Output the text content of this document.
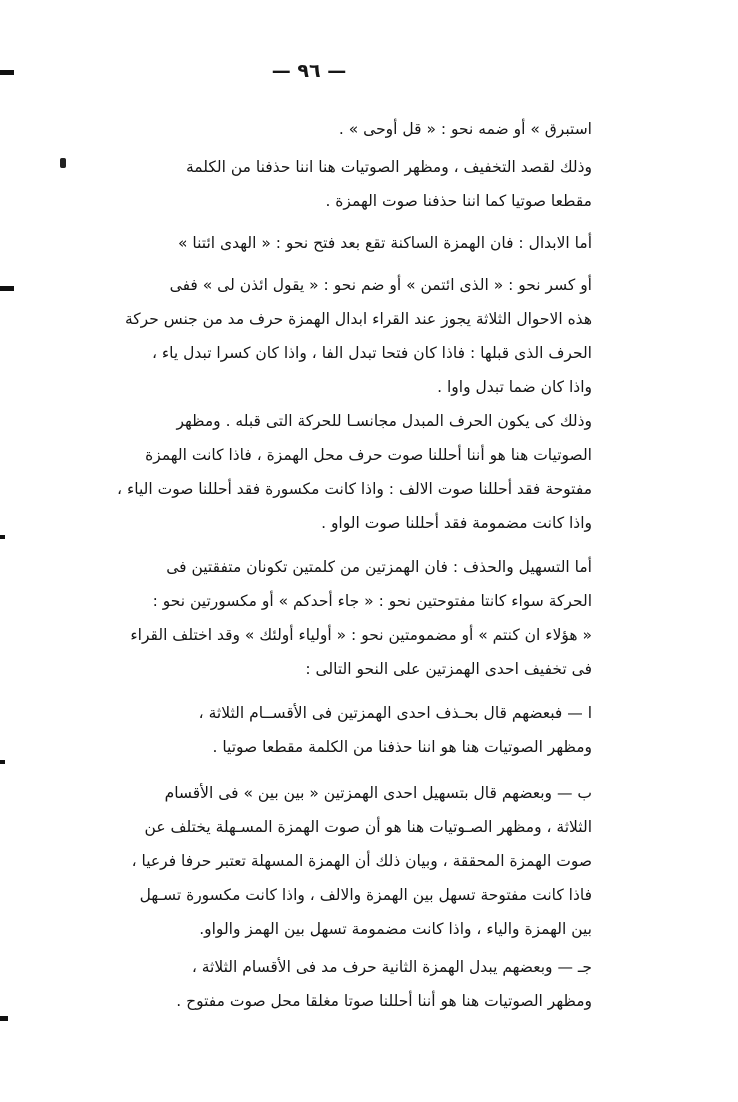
— ٩٦ —

استبرق » أو ضمه نحو : « قل أوحى » .

وذلك لقصد التخفيف ، ومظهر الصوتيات هنا اننا حذفنا من الكلمة
مقطعا صوتيا كما اننا حذفنا صوت الهمزة .

أما الابدال : فان الهمزة الساكنة تقع بعد فتح نحو : « الهدى ائتنا »

أو كسر نحو : « الذى ائتمن » أو ضم نحو : « يقول ائذن لى » ففى
هذه الاحوال الثلاثة يجوز عند القراء ابدال الهمزة حرف مد من جنس حركة
الحرف الذى قبلها : فاذا كان فتحا تبدل الفا ، واذا كان كسرا تبدل ياء ،
واذا كان ضما تبدل واوا .

وذلك كى يكون الحرف المبدل مجانسـا للحركة التى قبله . ومظهر
الصوتيات هنا هو أننا أحللنا صوت حرف محل الهمزة ، فاذا كانت الهمزة
مفتوحة فقد أحللنا صوت الالف : واذا كانت مكسورة فقد أحللنا صوت الياء ،
واذا كانت مضمومة فقد أحللنا صوت الواو .

أما التسهيل والحذف : فان الهمزتين من كلمتين تكونان متفقتين فى
الحركة سواء كانتا مفتوحتين نحو : « جاء أحدكم » أو مكسورتين نحو :
« هؤلاء ان كنتم » أو مضمومتين نحو : « أولياء أولئك » وقد اختلف القراء
فى تخفيف احدى الهمزتين على النحو التالى :

ا — فبعضهم قال بحـذف احدى الهمزتين فى الأقســام الثلاثة ،
ومظهر الصوتيات هنا هو اننا حذفنا من الكلمة مقطعا صوتيا .

ب — وبعضهم قال بتسهيل احدى الهمزتين « بين بين » فى الأقسام
الثلاثة ، ومظهر الصـوتيات هنا هو أن صوت الهمزة المسـهلة يختلف عن
صوت الهمزة المحققة ، وبيان ذلك أن الهمزة المسهلة تعتبر حرفا فرعيا ،
فاذا كانت مفتوحة تسهل بين الهمزة والالف ، واذا كانت مكسورة تسـهل
بين الهمزة والياء ، واذا كانت مضمومة تسهل بين الهمز والواو.

جـ — وبعضهم يبدل الهمزة الثانية حرف مد فى الأقسام الثلاثة ،
ومظهر الصوتيات هنا هو أننا أحللنا صوتا مغلقا محل صوت مفتوح .
